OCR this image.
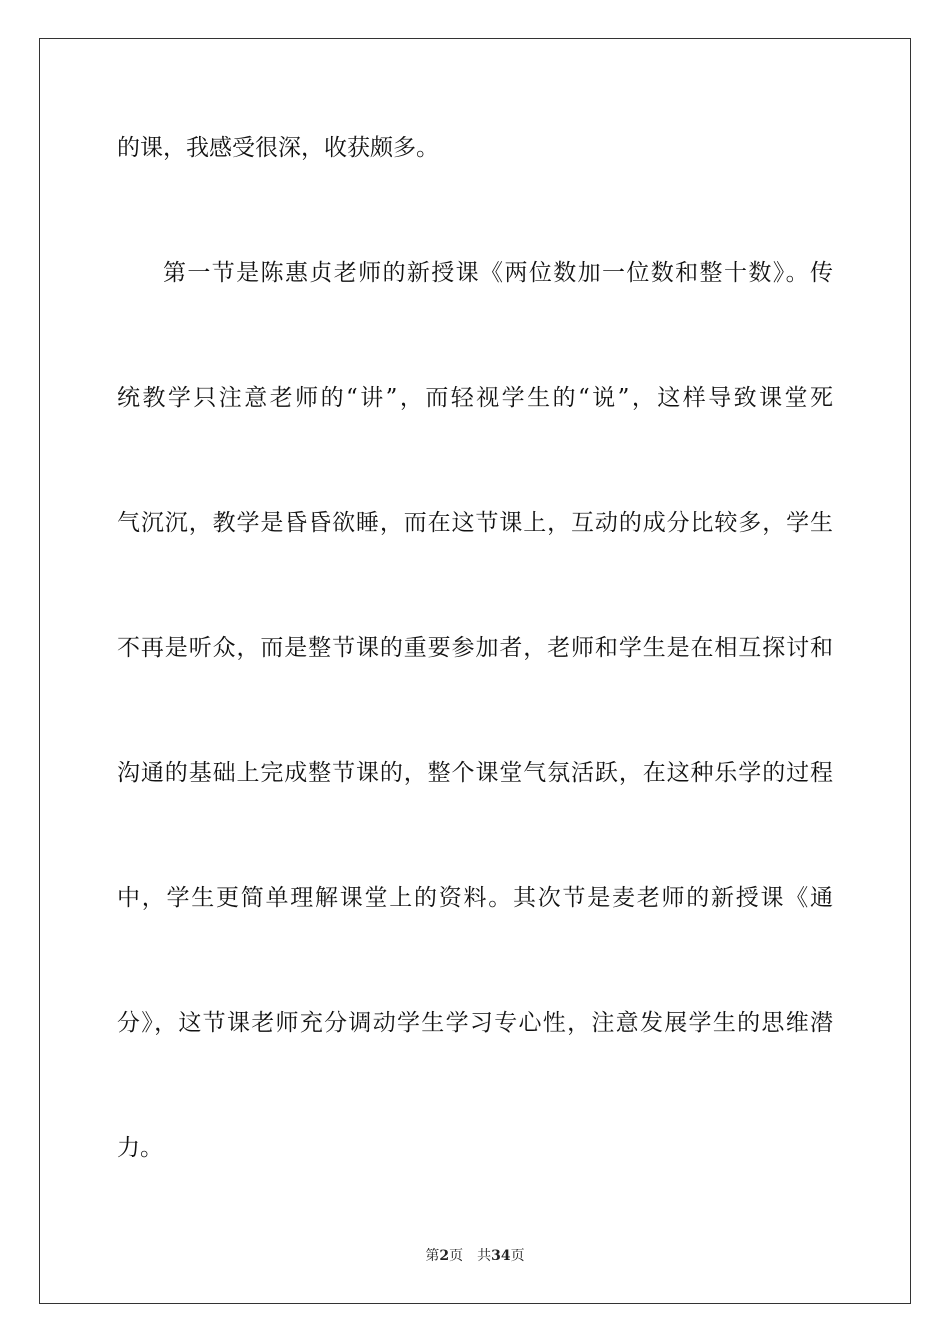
的课，我感受很深，收获颇多。

第一节是陈惠贞老师的新授课《两位数加一位数和整十数》。传

统教学只注意老师的“讲”，而轻视学生的“说”，这样导致课堂死

气沉沉，教学是昏昏欲睡，而在这节课上，互动的成分比较多，学生

不再是听众，而是整节课的重要参加者，老师和学生是在相互探讨和

沟通的基础上完成整节课的，整个课堂气氛活跃，在这种乐学的过程

中，学生更简单理解课堂上的资料。其次节是麦老师的新授课《通

分》，这节课老师充分调动学生学习专心性，注意发展学生的思维潜

力。

第2页 共34页
